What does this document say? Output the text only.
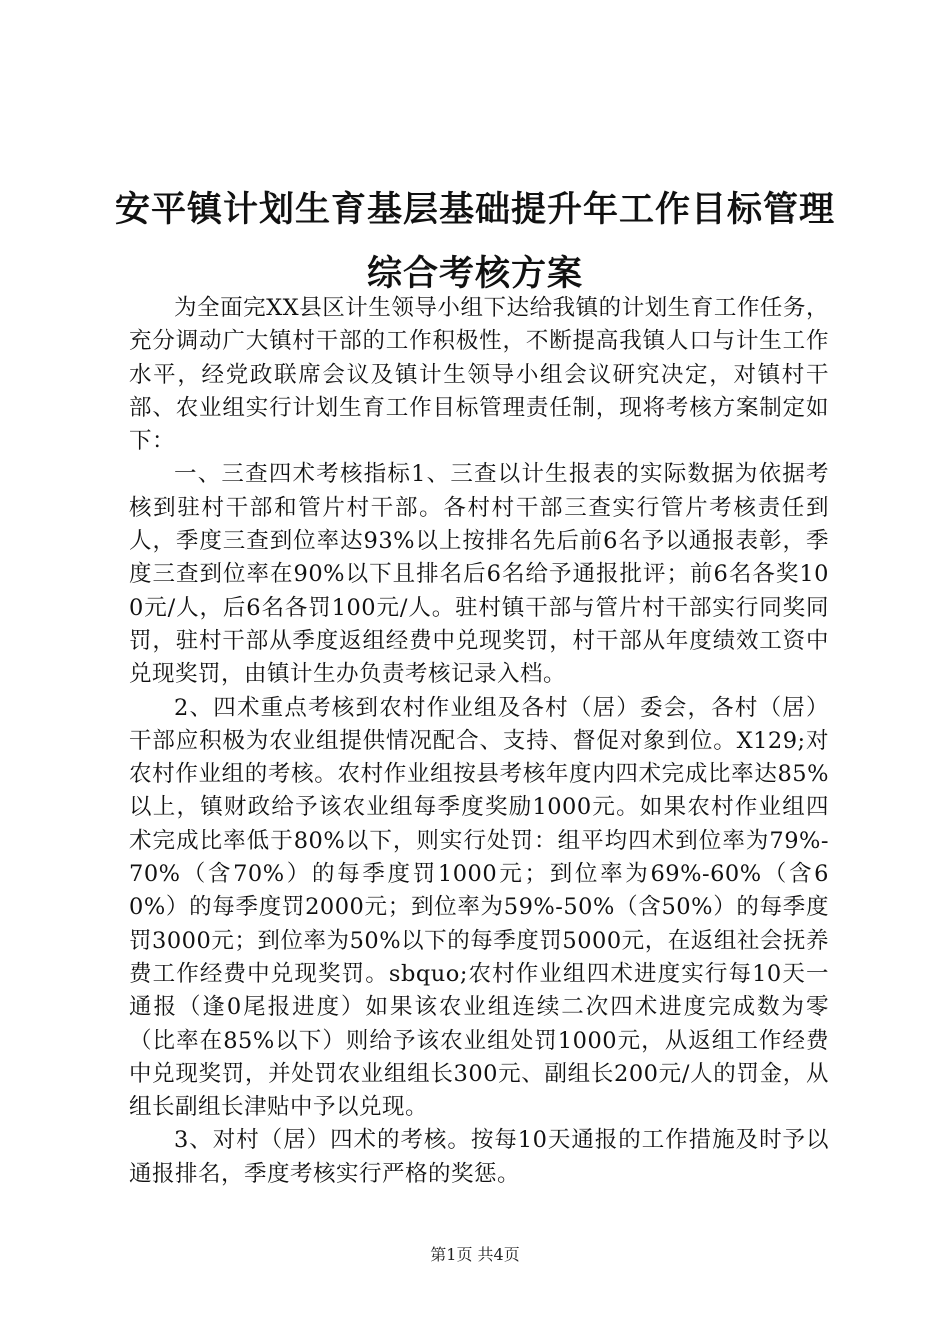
安平镇计划生育基层基础提升年工作目标管理

综合考核方案

为全面完XX县区计生领导小组下达给我镇的计划生育工作任务，充分调动广大镇村干部的工作积极性，不断提高我镇人口与计生工作水平，经党政联席会议及镇计生领导小组会议研究决定，对镇村干部、农业组实行计划生育工作目标管理责任制，现将考核方案制定如下：

一、三查四术考核指标1、三查以计生报表的实际数据为依据考核到驻村干部和管片村干部。各村村干部三查实行管片考核责任到人，季度三查到位率达93%以上按排名先后前6名予以通报表彰，季度三查到位率在90%以下且排名后6名给予通报批评；前6名各奖100元/人，后6名各罚100元/人。驻村镇干部与管片村干部实行同奖同罚，驻村干部从季度返组经费中兑现奖罚，村干部从年度绩效工资中兑现奖罚，由镇计生办负责考核记录入档。

2、四术重点考核到农村作业组及各村（居）委会，各村（居）干部应积极为农业组提供情况配合、支持、督促对象到位。X129;对农村作业组的考核。农村作业组按县考核年度内四术完成比率达85%以上，镇财政给予该农业组每季度奖励1000元。如果农村作业组四术完成比率低于80%以下，则实行处罚：组平均四术到位率为79%-70%（含70%）的每季度罚1000元；到位率为69%-60%（含60%）的每季度罚2000元；到位率为59%-50%（含50%）的每季度罚3000元；到位率为50%以下的每季度罚5000元，在返组社会抚养费工作经费中兑现奖罚。sbquo;农村作业组四术进度实行每10天一通报（逢0尾报进度）如果该农业组连续二次四术进度完成数为零（比率在85%以下）则给予该农业组处罚1000元，从返组工作经费中兑现奖罚，并处罚农业组组长300元、副组长200元/人的罚金，从组长副组长津贴中予以兑现。

3、对村（居）四术的考核。按每10天通报的工作措施及时予以通报排名，季度考核实行严格的奖惩。

第1页 共4页
